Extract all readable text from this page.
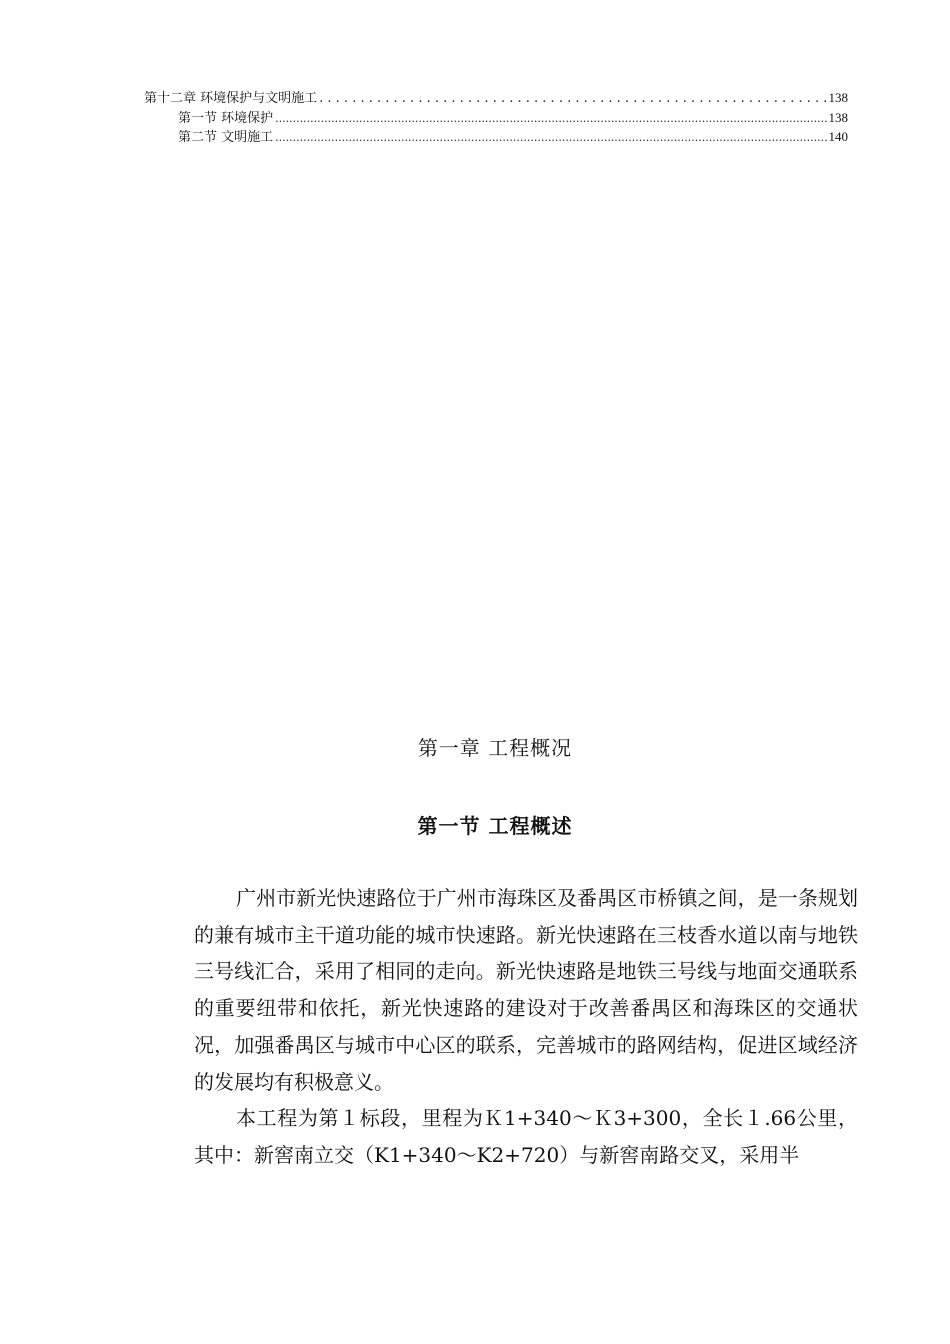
第十二章 环境保护与文明施工 . . .	138
第一节 环境保护 .....	138
第二节 文明施工 .....	140
第一章 工程概况
第一节 工程概述

广州市新光快速路位于广州市海珠区及番禺区市桥镇之间，是一条规划的兼有城市主干道功能的城市快速路。新光快速路在三枝香水道以南与地铁三号线汇合，采用了相同的走向。新光快速路是地铁三号线与地面交通联系的重要纽带和依托，新光快速路的建设对于改善番禺区和海珠区的交通状况，加强番禺区与城市中心区的联系，完善城市的路网结构，促进区域经济的发展均有积极意义。

本工程为第１标段，里程为Ｋ1+340～Ｋ3+300，全长１.66公里，其中：新窖南立交（K1+340～K2+720）与新窖南路交叉，采用半
